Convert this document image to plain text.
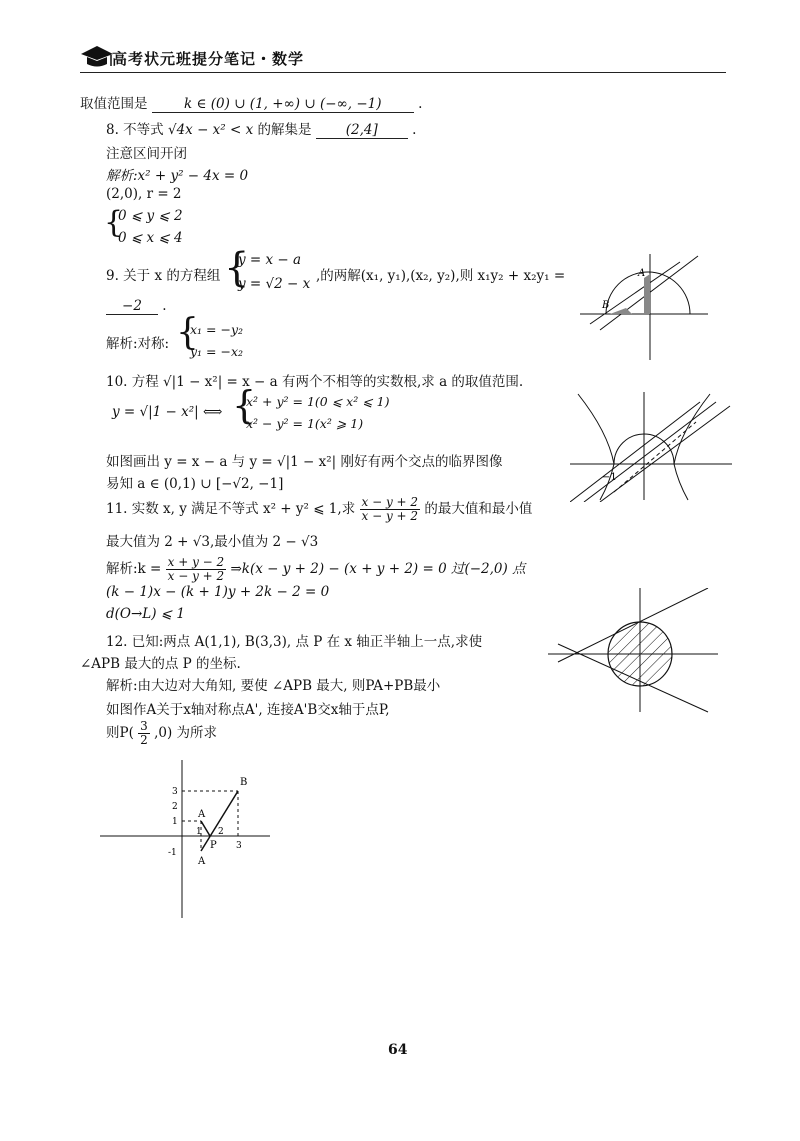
高考状元班提分笔记・数学
取值范围是	k ∈ (0) ∪ (1, +∞) ∪ (−∞, −1)	.
8. 不等式 √4x − x² < x 的解集是	(2,4]	.
注意区间开闭
解析:x² + y² − 4x = 0
(2,0), r = 2
{
0 ⩽ y ⩽ 2
0 ⩽ x ⩽ 4
9. 关于 x 的方程组 {
y = x − a
y = √2 − x ,的两解(x₁, y₁),(x₂, y₂),则 x₁y₂ + x₂y₁ =
−2 .
解析:对称: {
x₁ = −y₂
y₁ = −x₂
A
B
10. 方程 √|1 − x²| = x − a 有两个不相等的实数根,求 a 的取值范围.
y = √|1 − x²| ⟺ {
x² + y² = 1(0 ⩽ x² ⩽ 1)
x² − y² = 1(x² ⩾ 1)
如图画出 y = x − a 与 y = √|1 − x²| 刚好有两个交点的临界图像
易知 a ∈ (0,1) ∪ [−√2, −1]	−1
11. 实数 x, y 满足不等式 x² + y² ⩽ 1,求 $\frac{x - y + 2}{x - y + 2}$ 的最大值和最小值
最大值为 2 + √3,最小值为 2 − √3
解析:k = $\frac{x + y - 2}{x - y + 2}$ ⇒k(x − y + 2) − (x + y + 2) = 0 过(−2,0) 点
(k − 1)x − (k + 1)y + 2k − 2 = 0
d(O→L) ⩽ 1
12. 已知:两点 A(1,1), B(3,3), 点 P 在 x 轴正半轴上一点,求使
∠APB 最大的点 P 的坐标.
解析:由大边对大角知, 要使 ∠APB 最大, 则PA+PB最小
如图作A关于x轴对称点A', 连接A'B交x轴于点P,
则$P( \frac{3}{2} ,0)$ 为所求
B
A
P
A
3
2
1
-1
1 2
3
64
